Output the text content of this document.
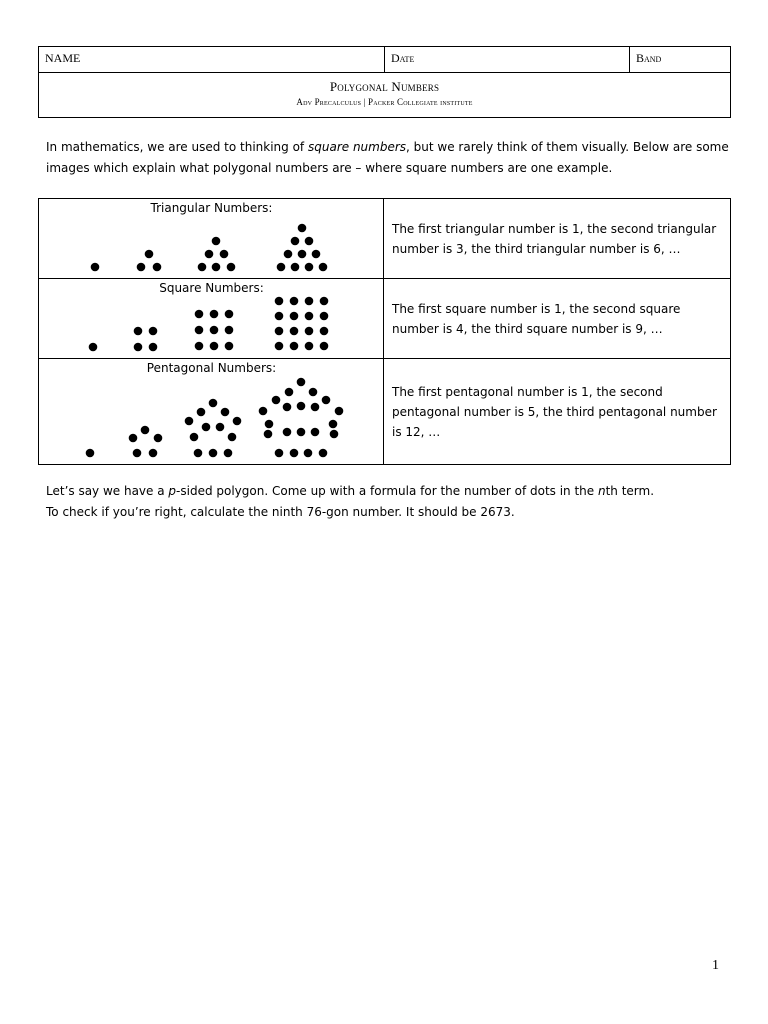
NAME	Date	Band
Polygonal Numbers
Adv Precalculus | Packer Collegiate institute
In mathematics, we are used to thinking of square numbers, but we rarely think of them visually. Below are some images which explain what polygonal numbers are – where square numbers are one example.
Triangular Numbers:
The first triangular number is 1, the second triangular number is 3, the third triangular number is 6, …
Square Numbers:
The first square number is 1, the second square number is 4, the third square number is 9, …
Pentagonal Numbers:
The first pentagonal number is 1, the second pentagonal number is 5, the third pentagonal number is 12, …
Let’s say we have a p-sided polygon. Come up with a formula for the number of dots in the nth term.
To check if you’re right, calculate the ninth 76-gon number. It should be 2673.
1
